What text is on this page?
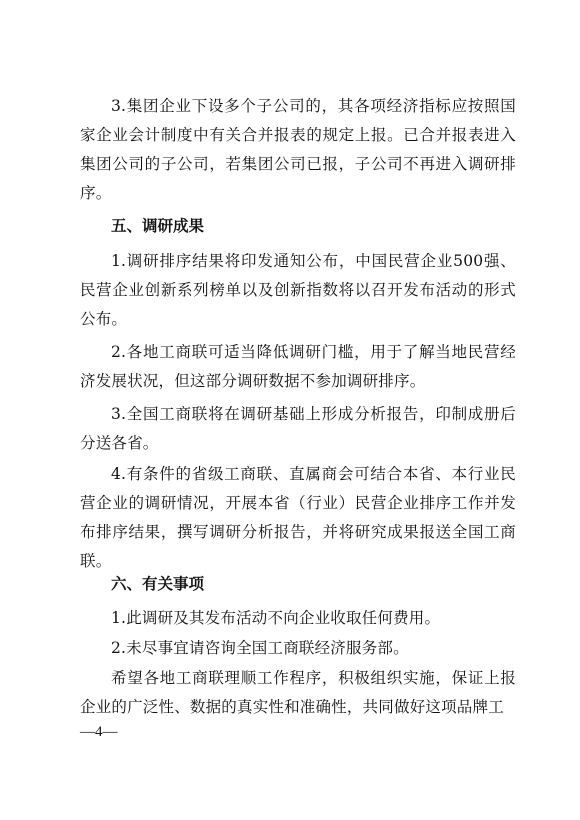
3.集团企业下设多个子公司的，其各项经济指标应按照国家企业会计制度中有关合并报表的规定上报。已合并报表进入集团公司的子公司，若集团公司已报，子公司不再进入调研排序。

五、调研成果

1.调研排序结果将印发通知公布，中国民营企业500强、民营企业创新系列榜单以及创新指数将以召开发布活动的形式公布。

2.各地工商联可适当降低调研门槛，用于了解当地民营经济发展状况，但这部分调研数据不参加调研排序。

3.全国工商联将在调研基础上形成分析报告，印制成册后分送各省。

4.有条件的省级工商联、直属商会可结合本省、本行业民营企业的调研情况，开展本省（行业）民营企业排序工作并发布排序结果，撰写调研分析报告，并将研究成果报送全国工商联。

六、有关事项

1.此调研及其发布活动不向企业收取任何费用。

2.未尽事宜请咨询全国工商联经济服务部。

希望各地工商联理顺工作程序，积极组织实施，保证上报企业的广泛性、数据的真实性和准确性，共同做好这项品牌工

—4—
